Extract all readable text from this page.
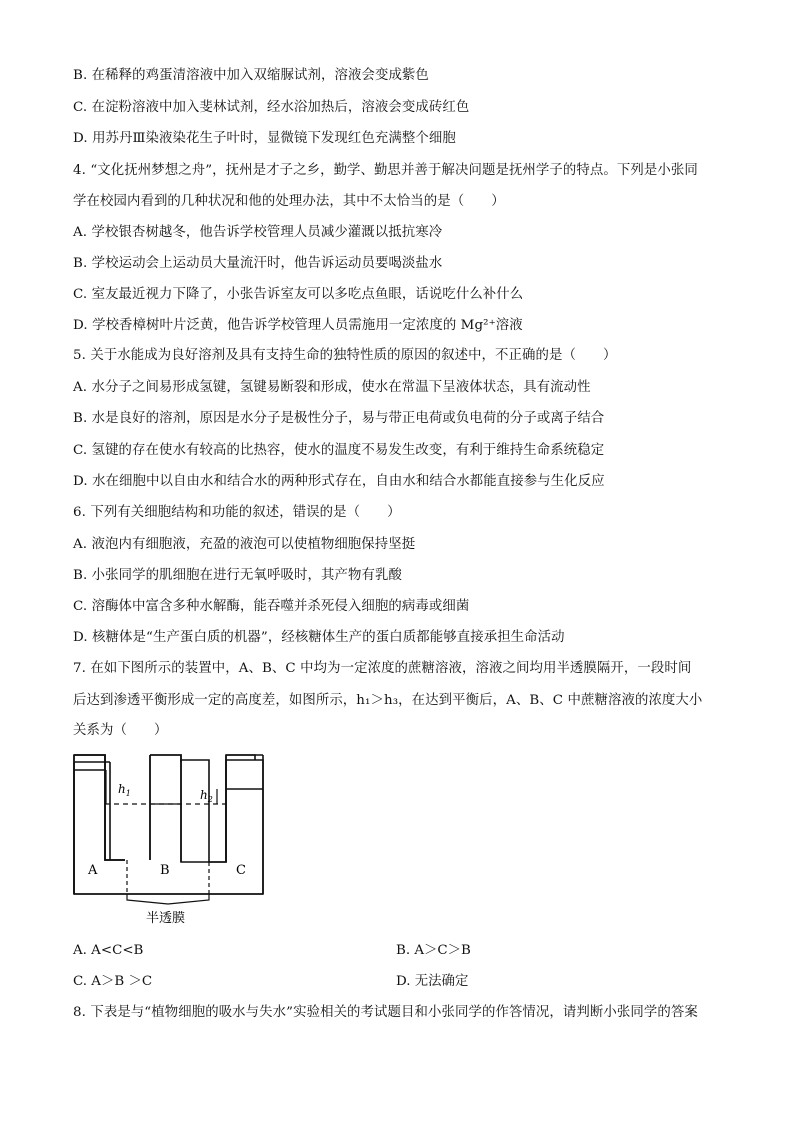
B. 在稀释的鸡蛋清溶液中加入双缩脲试剂，溶液会变成紫色
C. 在淀粉溶液中加入斐林试剂，经水浴加热后，溶液会变成砖红色
D. 用苏丹Ⅲ染液染花生子叶时，显微镜下发现红色充满整个细胞
4. “文化抚州梦想之舟”，抚州是才子之乡，勤学、勤思并善于解决问题是抚州学子的特点。下列是小张同
学在校园内看到的几种状况和他的处理办法，其中不太恰当的是（　　）
A. 学校银杏树越冬，他告诉学校管理人员减少灌溉以抵抗寒冷
B. 学校运动会上运动员大量流汗时，他告诉运动员要喝淡盐水
C. 室友最近视力下降了，小张告诉室友可以多吃点鱼眼，话说吃什么补什么
D. 学校香樟树叶片泛黄，他告诉学校管理人员需施用一定浓度的 Mg²⁺溶液
5. 关于水能成为良好溶剂及具有支持生命的独特性质的原因的叙述中，不正确的是（　　）
A. 水分子之间易形成氢键，氢键易断裂和形成，使水在常温下呈液体状态，具有流动性
B. 水是良好的溶剂，原因是水分子是极性分子，易与带正电荷或负电荷的分子或离子结合
C. 氢键的存在使水有较高的比热容，使水的温度不易发生改变，有利于维持生命系统稳定
D. 水在细胞中以自由水和结合水的两种形式存在，自由水和结合水都能直接参与生化反应
6. 下列有关细胞结构和功能的叙述，错误的是（　　）
A. 液泡内有细胞液，充盈的液泡可以使植物细胞保持坚挺
B. 小张同学的肌细胞在进行无氧呼吸时，其产物有乳酸
C. 溶酶体中富含多种水解酶，能吞噬并杀死侵入细胞的病毒或细菌
D. 核糖体是“生产蛋白质的机器”，经核糖体生产的蛋白质都能够直接承担生命活动
7. 在如下图所示的装置中，A、B、C 中均为一定浓度的蔗糖溶液，溶液之间均用半透膜隔开，一段时间
后达到渗透平衡形成一定的高度差，如图所示，h₁＞h₃，在达到平衡后，A、B、C 中蔗糖溶液的浓度大小
关系为（　　）
$h_1$	$h_2$
A	B	C
半透膜
A. A<C<B	B. A＞C＞B
C. A＞B ＞C	D. 无法确定
8. 下表是与“植物细胞的吸水与失水”实验相关的考试题目和小张同学的作答情况，请判断小张同学的答案
